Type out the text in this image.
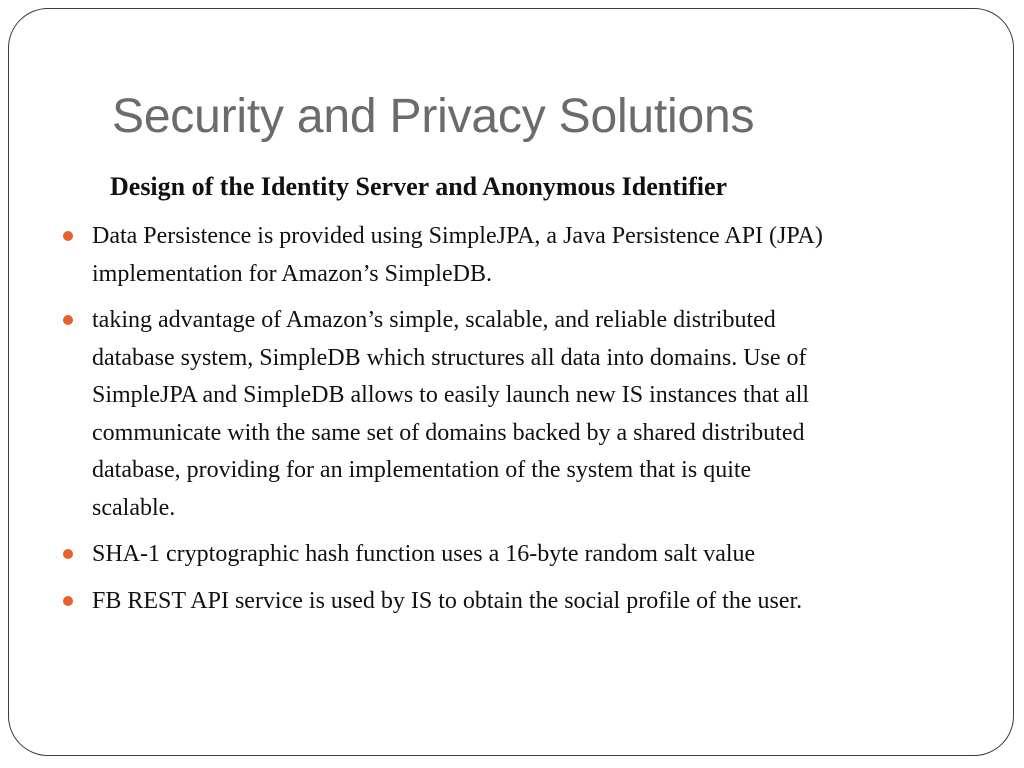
Security and Privacy Solutions
Design of the Identity Server and Anonymous Identifier
Data Persistence is provided using SimpleJPA, a Java Persistence API (JPA)
implementation for Amazon’s SimpleDB.
taking advantage of Amazon’s simple, scalable, and reliable distributed
database system, SimpleDB which structures all data into domains. Use of
SimpleJPA and SimpleDB allows to easily launch new IS instances that all
communicate with the same set of domains backed by a shared distributed
database, providing for an implementation of the system that is quite
scalable.
SHA-1 cryptographic hash function uses a 16-byte random salt value
FB REST API service is used by IS to obtain the social profile of the user.
